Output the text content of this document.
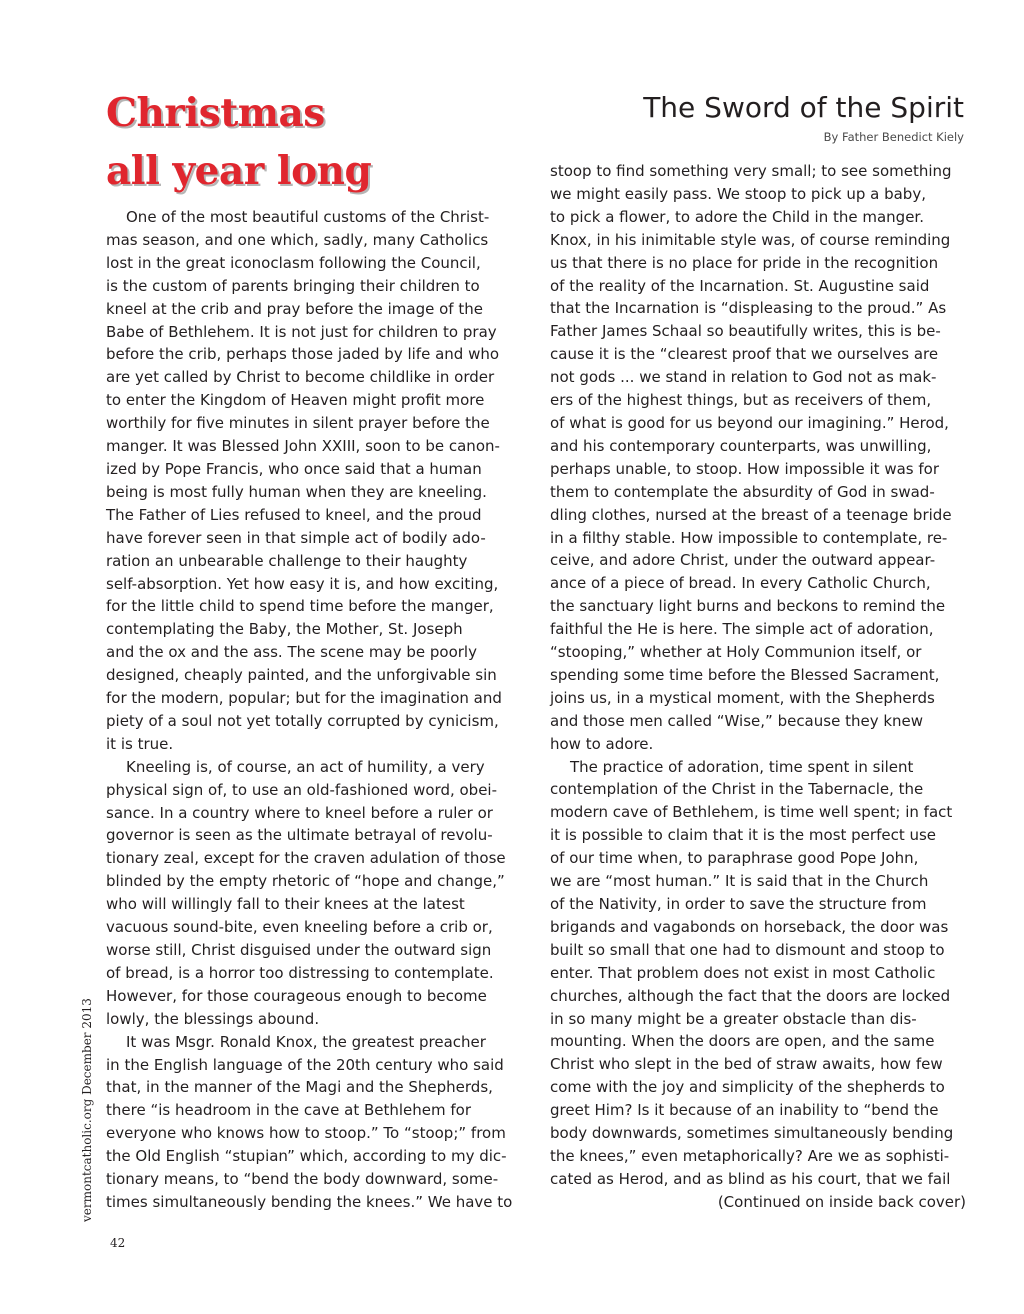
Christmas
all year long
The Sword of the Spirit
By Father Benedict Kiely
One of the most beautiful customs of the Christ-
mas season, and one which, sadly, many Catholics
lost in the great iconoclasm following the Council,
is the custom of parents bringing their children to
kneel at the crib and pray before the image of the
Babe of Bethlehem. It is not just for children to pray
before the crib, perhaps those jaded by life and who
are yet called by Christ to become childlike in order
to enter the Kingdom of Heaven might profit more
worthily for five minutes in silent prayer before the
manger. It was Blessed John XXIII, soon to be canon-
ized by Pope Francis, who once said that a human
being is most fully human when they are kneeling.
The Father of Lies refused to kneel, and the proud
have forever seen in that simple act of bodily ado-
ration an unbearable challenge to their haughty
self-absorption. Yet how easy it is, and how exciting,
for the little child to spend time before the manger,
contemplating the Baby, the Mother, St. Joseph
and the ox and the ass. The scene may be poorly
designed, cheaply painted, and the unforgivable sin
for the modern, popular; but for the imagination and
piety of a soul not yet totally corrupted by cynicism,
it is true.
Kneeling is, of course, an act of humility, a very
physical sign of, to use an old-fashioned word, obei-
sance. In a country where to kneel before a ruler or
governor is seen as the ultimate betrayal of revolu-
tionary zeal, except for the craven adulation of those
blinded by the empty rhetoric of “hope and change,”
who will willingly fall to their knees at the latest
vacuous sound-bite, even kneeling before a crib or,
worse still, Christ disguised under the outward sign
of bread, is a horror too distressing to contemplate.
However, for those courageous enough to become
lowly, the blessings abound.
It was Msgr. Ronald Knox, the greatest preacher
in the English language of the 20th century who said
that, in the manner of the Magi and the Shepherds,
there “is headroom in the cave at Bethlehem for
everyone who knows how to stoop.” To “stoop;” from
the Old English “stupian” which, according to my dic-
tionary means, to “bend the body downward, some-
times simultaneously bending the knees.” We have to
stoop to find something very small; to see something
we might easily pass. We stoop to pick up a baby,
to pick a flower, to adore the Child in the manger.
Knox, in his inimitable style was, of course reminding
us that there is no place for pride in the recognition
of the reality of the Incarnation. St. Augustine said
that the Incarnation is “displeasing to the proud.” As
Father James Schaal so beautifully writes, this is be-
cause it is the “clearest proof that we ourselves are
not gods ... we stand in relation to God not as mak-
ers of the highest things, but as receivers of them,
of what is good for us beyond our imagining.” Herod,
and his contemporary counterparts, was unwilling,
perhaps unable, to stoop. How impossible it was for
them to contemplate the absurdity of God in swad-
dling clothes, nursed at the breast of a teenage bride
in a filthy stable. How impossible to contemplate, re-
ceive, and adore Christ, under the outward appear-
ance of a piece of bread. In every Catholic Church,
the sanctuary light burns and beckons to remind the
faithful the He is here. The simple act of adoration,
“stooping,” whether at Holy Communion itself, or
spending some time before the Blessed Sacrament,
joins us, in a mystical moment, with the Shepherds
and those men called “Wise,” because they knew
how to adore.
The practice of adoration, time spent in silent
contemplation of the Christ in the Tabernacle, the
modern cave of Bethlehem, is time well spent; in fact
it is possible to claim that it is the most perfect use
of our time when, to paraphrase good Pope John,
we are “most human.” It is said that in the Church
of the Nativity, in order to save the structure from
brigands and vagabonds on horseback, the door was
built so small that one had to dismount and stoop to
enter. That problem does not exist in most Catholic
churches, although the fact that the doors are locked
in so many might be a greater obstacle than dis-
mounting. When the doors are open, and the same
Christ who slept in the bed of straw awaits, how few
come with the joy and simplicity of the shepherds to
greet Him? Is it because of an inability to “bend the
body downwards, sometimes simultaneously bending
the knees,” even metaphorically? Are we as sophisti-
cated as Herod, and as blind as his court, that we fail
(Continued on inside back cover)
vermontcatholic.org December 2013
42
